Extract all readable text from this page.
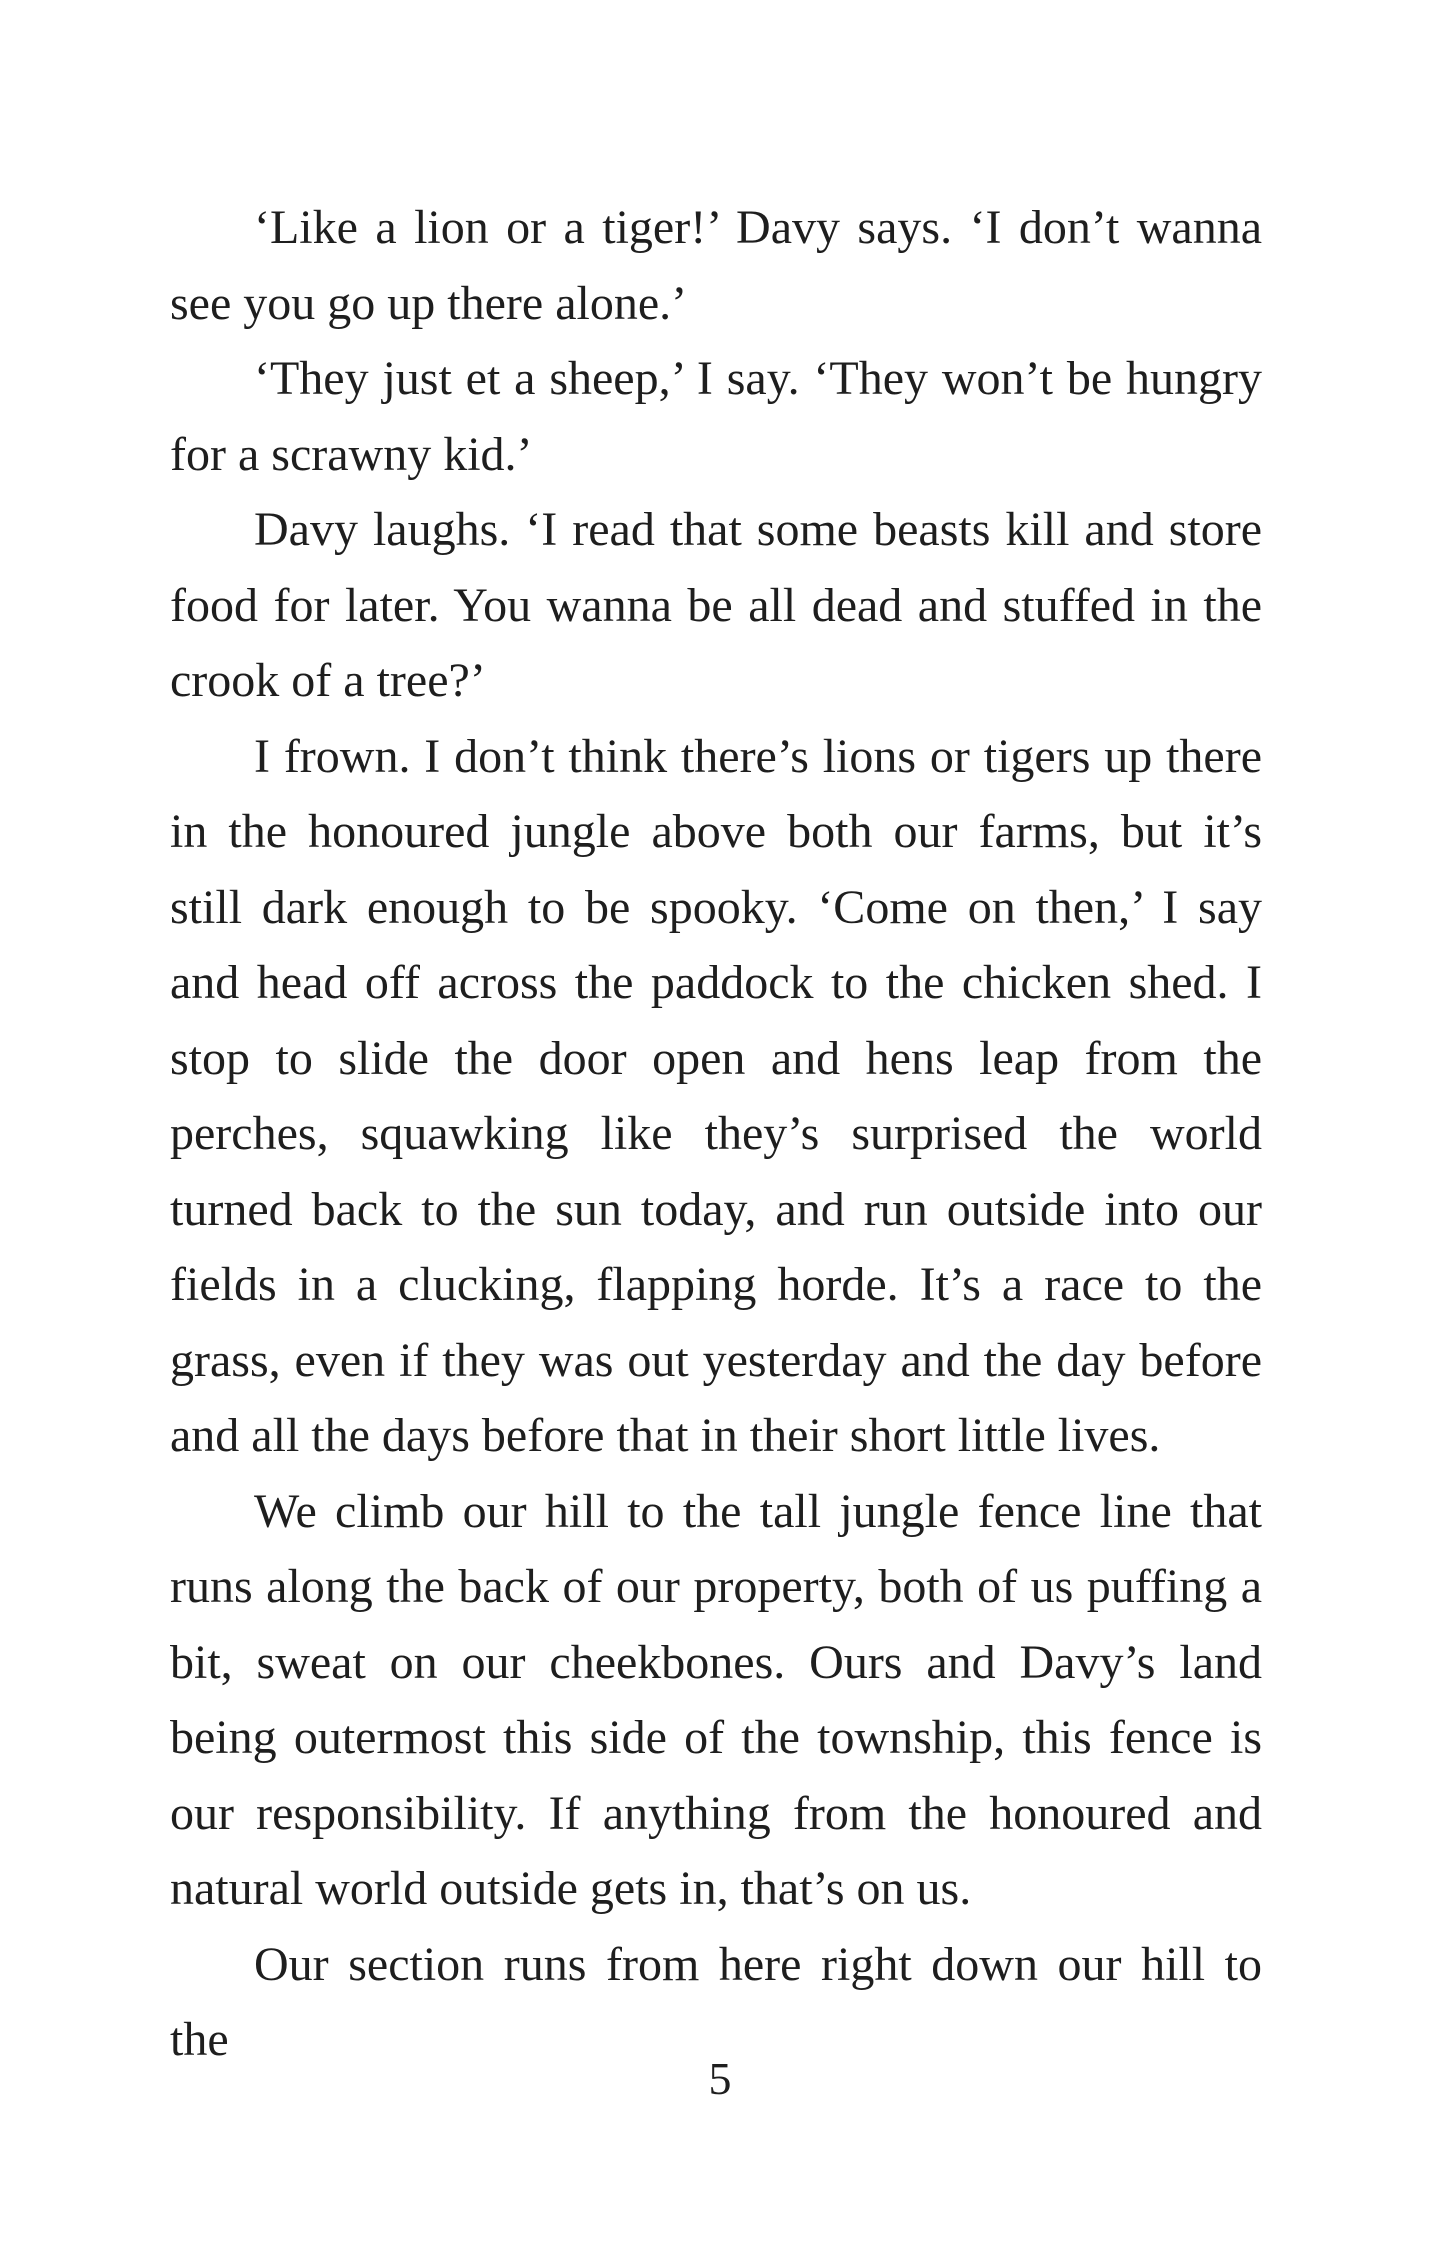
‘Like a lion or a tiger!’ Davy says. ‘I don’t wanna see you go up there alone.’

‘They just et a sheep,’ I say. ‘They won’t be hungry for a scrawny kid.’

Davy laughs. ‘I read that some beasts kill and store food for later. You wanna be all dead and stuffed in the crook of a tree?’

I frown. I don’t think there’s lions or tigers up there in the honoured jungle above both our farms, but it’s still dark enough to be spooky. ‘Come on then,’ I say and head off across the paddock to the chicken shed. I stop to slide the door open and hens leap from the perches, squawking like they’s surprised the world turned back to the sun today, and run outside into our fields in a clucking, flapping horde. It’s a race to the grass, even if they was out yesterday and the day before and all the days before that in their short little lives.

We climb our hill to the tall jungle fence line that runs along the back of our property, both of us puffing a bit, sweat on our cheekbones. Ours and Davy’s land being outermost this side of the township, this fence is our responsibility. If anything from the honoured and natural world outside gets in, that’s on us.

Our section runs from here right down our hill to the

5
